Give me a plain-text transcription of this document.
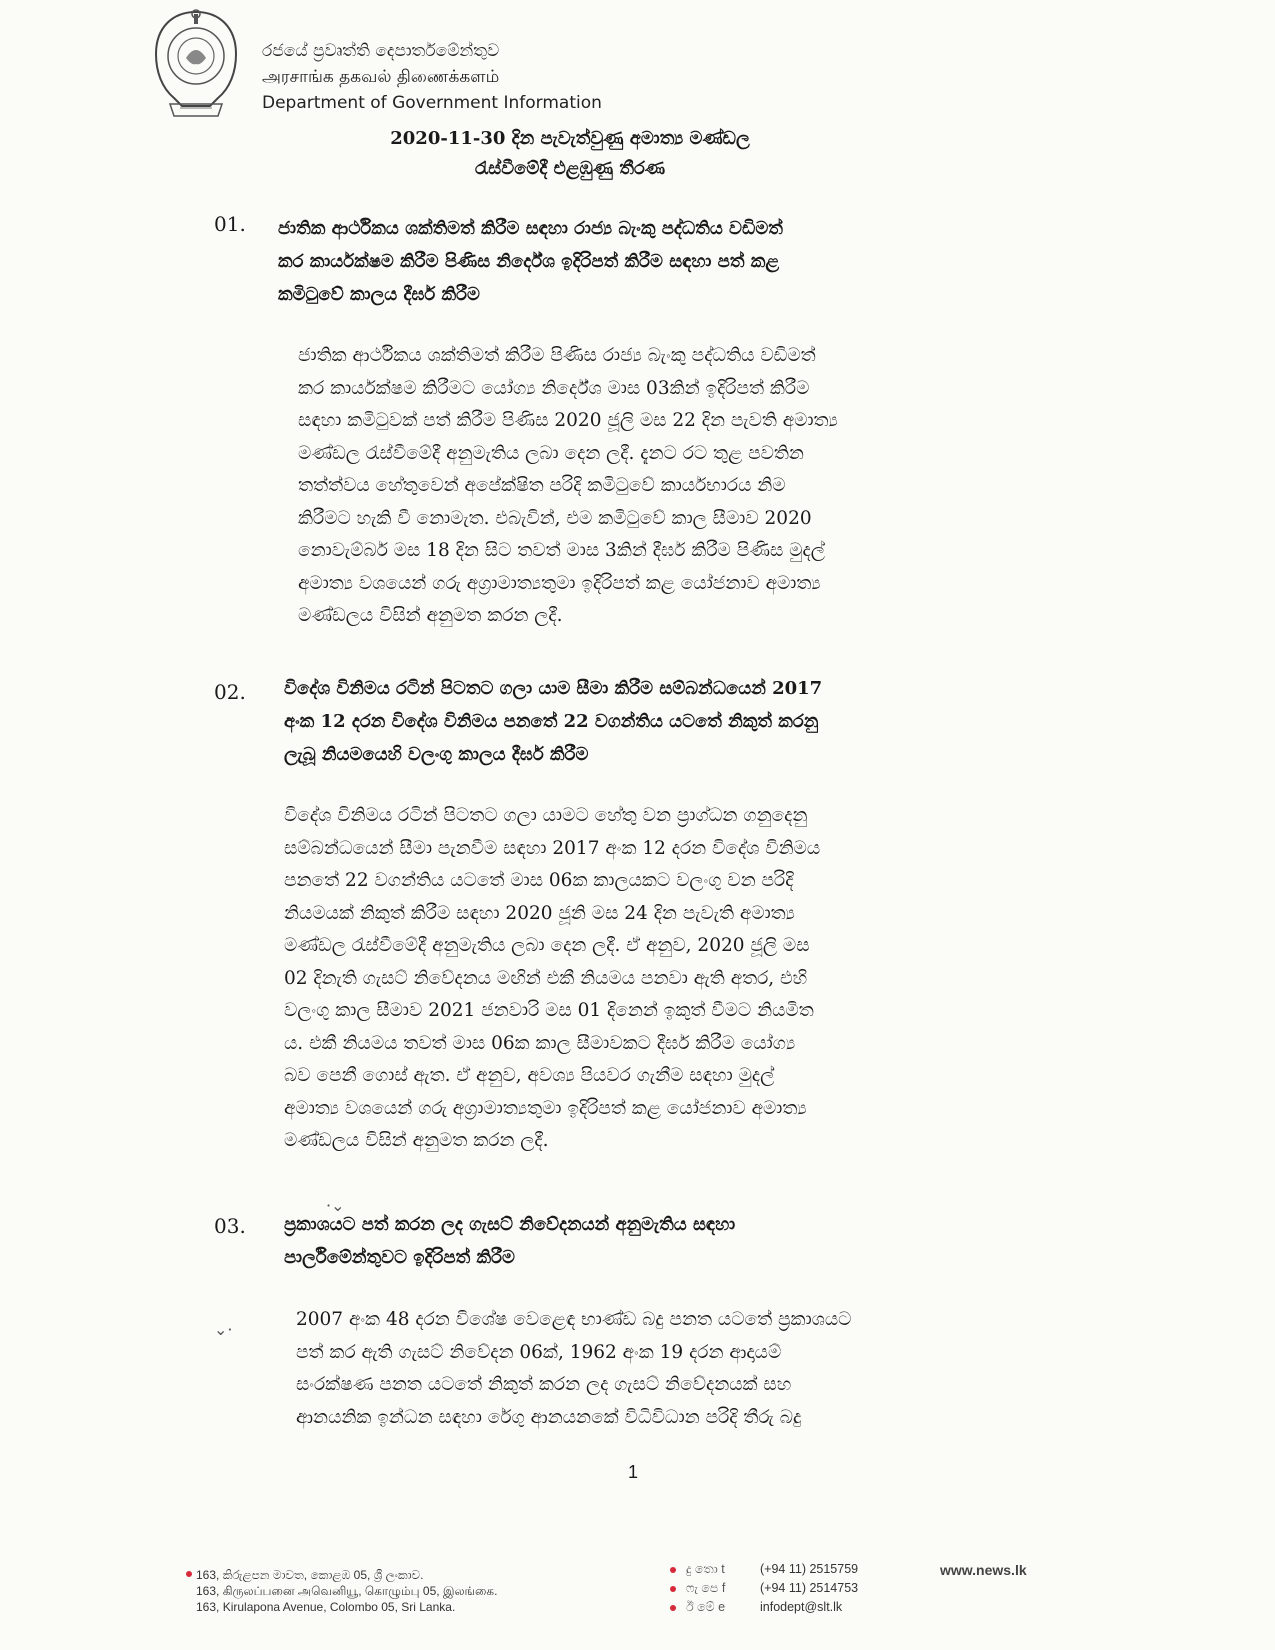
රජයේ ප්‍රවෘත්ති දෙපාර්තමේන්තුව
அரசாங்க தகவல் திணைக்களம்
Department of Government Information
2020-11-30 දින පැවැත්වුණු අමාත්‍ය මණ්ඩල
රැස්වීමේදී එළඹුණු තීරණ
01. ජාතික ආර්ථිකය ශක්තිමත් කිරීම සඳහා රාජ්‍ය බැංකු පද්ධතිය වඩිමත්
කර කාර්යක්ෂම කිරීම පිණිස නිර්දේශ ඉදිරිපත් කිරීම සඳහා පත් කළ
කමිටුවේ කාලය දීර්ඝ කිරීම
ජාතික ආර්ථිකය ශක්තිමත් කිරීම පිණිස රාජ්‍ය බැංකු පද්ධතිය වඩිමත්
කර කාර්යක්ෂම කිරීමට යෝග්‍ය නිර්දේශ මාස 03කින් ඉදිරිපත් කිරීම
සඳහා කමිටුවක් පත් කිරීම පිණිස 2020 ජූලි මස 22 දින පැවති අමාත්‍ය
මණ්ඩල රැස්වීමේදී අනුමැතිය ලබා දෙන ලදී. දැනට රට තුළ පවතින
තත්ත්වය හේතුවෙන් අපේක්ෂිත පරිදි කමිටුවේ කාර්යභාරය නිම
කිරීමට හැකි වී නොමැත. එබැවින්, එම කමිටුවේ කාල සීමාව 2020
නොවැම්බර් මස 18 දින සිට තවත් මාස 3කින් දීර්ඝ කිරීම පිණිස මුදල්
අමාත්‍ය වශයෙන් ගරු අග්‍රාමාත්‍යතුමා ඉදිරිපත් කළ යෝජනාව අමාත්‍ය
මණ්ඩලය විසින් අනුමත කරන ලදී.
02. විදේශ විනිමය රටින් පිටතට ගලා යාම සීමා කිරීම සම්බන්ධයෙන් 2017
අංක 12 දරන විදේශ විනිමය පනතේ 22 වගන්තිය යටතේ නිකුත් කරනු
ලැබූ නියමයෙහි වලංගු කාලය දීර්ඝ කිරීම
විදේශ විනිමය රටින් පිටතට ගලා යාමට හේතු වන ප්‍රාග්ධන ගනුදෙනු
සම්බන්ධයෙන් සීමා පැනවීම සඳහා 2017 අංක 12 දරන විදේශ විනිමය
පනතේ 22 වගන්තිය යටතේ මාස 06ක කාලයකට වලංගු වන පරිදි
නියමයක් නිකුත් කිරීම සඳහා 2020 ජූනි මස 24 දින පැවැති අමාත්‍ය
මණ්ඩල රැස්වීමේදී අනුමැතිය ලබා දෙන ලදී. ඒ අනුව, 2020 ජූලි මස
02 දිනැති ගැසට් නිවේදනය මඟින් එකී නියමය පනවා ඇති අතර, එහි
වලංගු කාල සීමාව 2021 ජනවාරි මස 01 දිනෙන් ඉකුත් වීමට නියමිත
ය. එකී නියමය තවත් මාස 06ක කාල සීමාවකට දීර්ඝ කිරීම යෝග්‍ය
බව පෙනී ගොස් ඇත. ඒ අනුව, අවශ්‍ය පියවර ගැනීම සඳහා මුදල්
අමාත්‍ය වශයෙන් ගරු අග්‍රාමාත්‍යතුමා ඉදිරිපත් කළ යෝජනාව අමාත්‍ය
මණ්ඩලය විසින් අනුමත කරන ලදී.
03. ප්‍රකාශයට පත් කරන ලද ගැසට් නිවේදනයන් අනුමැතිය සඳහා
පාර්ලිමේන්තුවට ඉදිරිපත් කිරීම
2007 අංක 48 දරන විශේෂ වෙළෙඳ භාණ්ඩ බදු පනත යටතේ ප්‍රකාශයට
පත් කර ඇති ගැසට් නිවේදන 06ක්, 1962 අංක 19 දරන ආදායම්
සංරක්ෂණ පනත යටතේ නිකුත් කරන ලද ගැසට් නිවේදනයක් සහ
ආනයනික ඉන්ධන සඳහා රේගු ආනයනකේ විධිවිධාන පරිදි තීරු බදු
·⌄
⌄·
1
163, කිරුළපන මාවත, කොළඹ 05, ශ්‍රී ලංකාව.
163, கிருலப்பனை அவெனியூ, கொழும்பு 05, இலங்கை.
163, Kirulapona Avenue, Colombo 05, Sri Lanka.
දු තො t	(+94 11) 2515759
ෆැ පෙ f	(+94 11) 2514753
ඊ මේ e	infodept@slt.lk
www.news.lk
